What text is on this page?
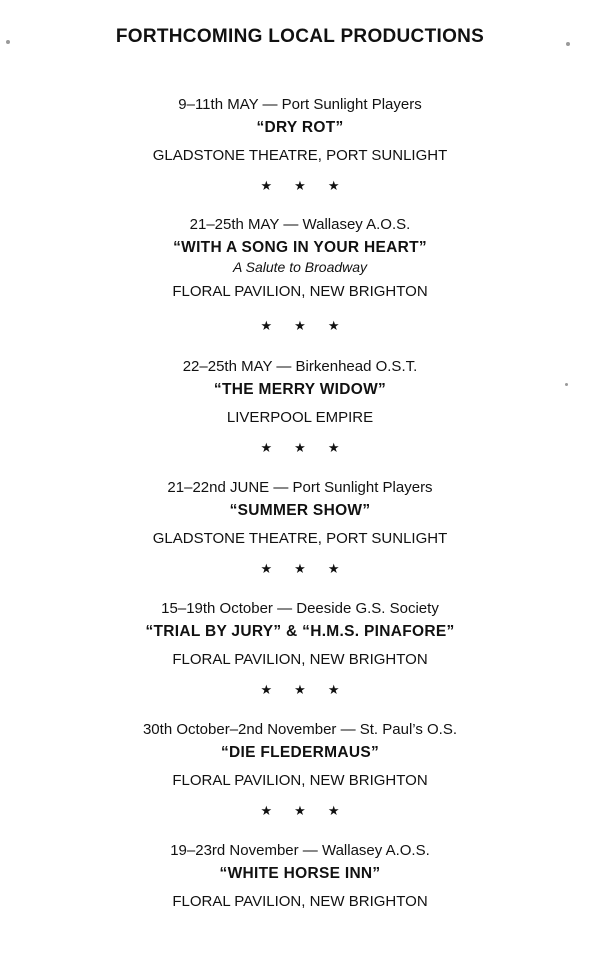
FORTHCOMING LOCAL PRODUCTIONS
9–11th MAY — Port Sunlight Players
“DRY ROT”
GLADSTONE THEATRE, PORT SUNLIGHT
★★★
21–25th MAY — Wallasey A.O.S.
“WITH A SONG IN YOUR HEART”
A Salute to Broadway
FLORAL PAVILION, NEW BRIGHTON
★★★
22–25th MAY — Birkenhead O.S.T.
“THE MERRY WIDOW”
LIVERPOOL EMPIRE
★★★
21–22nd JUNE — Port Sunlight Players
“SUMMER SHOW”
GLADSTONE THEATRE, PORT SUNLIGHT
★★★
15–19th October — Deeside G.S. Society
“TRIAL BY JURY” & “H.M.S. PINAFORE”
FLORAL PAVILION, NEW BRIGHTON
★★★
30th October–2nd November — St. Paul’s O.S.
“DIE FLEDERMAUS”
FLORAL PAVILION, NEW BRIGHTON
★★★
19–23rd November — Wallasey A.O.S.
“WHITE HORSE INN”
FLORAL PAVILION, NEW BRIGHTON
